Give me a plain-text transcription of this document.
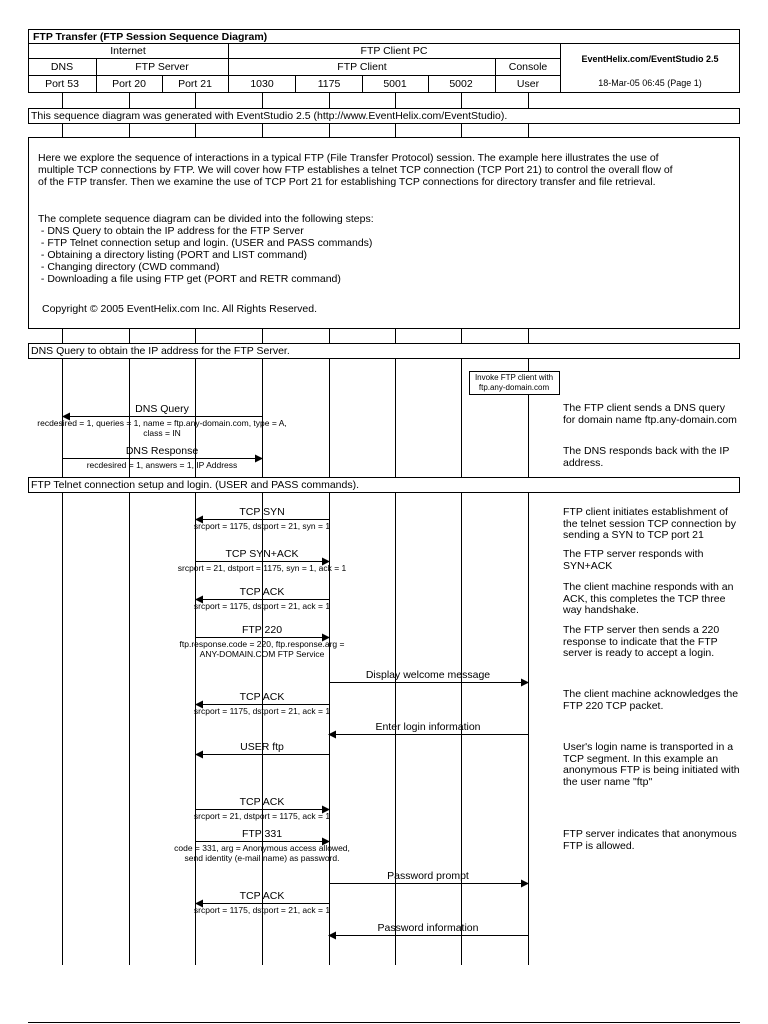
FTP Transfer (FTP Session Sequence Diagram)
Internet	FTP Client PC
EventHelix.com/EventStudio 2.5
18-Mar-05 06:45 (Page 1)
DNS	FTP Server	FTP Client	Console
Port 53	Port 20	Port 21	1030	1175	5001	5002	User
This sequence diagram was generated with EventStudio 2.5 (http://www.EventHelix.com/EventStudio).
Here we explore the sequence of interactions in a typical FTP (File Transfer Protocol) session. The example here illustrates the use of
multiple TCP connections by FTP. We will cover how FTP establishes a telnet TCP connection (TCP Port 21) to control the overall flow of
of the FTP transfer. Then we examine the use of TCP Port 21 for establishing TCP connections for directory transfer and file retrieval.
The complete sequence diagram can be divided into the following steps:
- DNS Query to obtain the IP address for the FTP Server
- FTP Telnet connection setup and login. (USER and PASS commands)
- Obtaining a directory listing (PORT and LIST command)
- Changing directory (CWD command)
- Downloading a file using FTP get (PORT and RETR command)
Copyright © 2005 EventHelix.com Inc. All Rights Reserved.
DNS Query to obtain the IP address for the FTP Server.
FTP Telnet connection setup and login. (USER and PASS commands).
Invoke FTP client with
ftp.any-domain.com
DNS Query
recdesired = 1, queries = 1, name = ftp.any-domain.com, type = A,
class = IN
DNS Response
recdesired = 1, answers = 1, IP Address
TCP SYN
srcport = 1175, dstport = 21, syn = 1
TCP SYN+ACK
srcport = 21, dstport = 1175, syn = 1, ack = 1
TCP ACK
srcport = 1175, dstport = 21, ack = 1
FTP 220
ftp.response.code = 220, ftp.response.arg =
ANY-DOMAIN.COM FTP Service
Display welcome message
TCP ACK
srcport = 1175, dstport = 21, ack = 1
Enter login information
USER ftp
TCP ACK
srcport = 21, dstport = 1175, ack = 1
FTP 331
code = 331, arg = Anonymous access allowed,
send identity (e-mail name) as password.
Password prompt
TCP ACK
srcport = 1175, dstport = 21, ack = 1
Password information
The FTP client sends a DNS query for domain name ftp.any-domain.com
The DNS responds back with the IP address.
FTP client initiates establishment of the telnet session TCP connection by sending a SYN to TCP port 21
The FTP server responds with SYN+ACK
The client machine responds with an ACK, this completes the TCP three way handshake.
The FTP server then sends a 220 response to indicate that the FTP server is ready to accept a login.
The client machine acknowledges the FTP 220 TCP packet.
User's login name is transported in a TCP segment. In this example an anonymous FTP is being initiated with the user name "ftp"
FTP server indicates that anonymous FTP is allowed.
